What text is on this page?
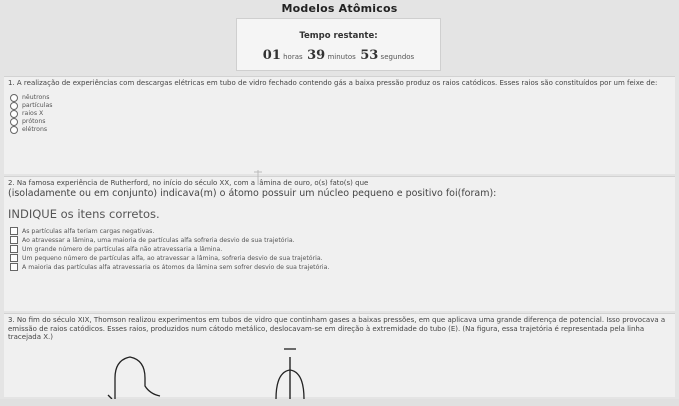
Modelos Atômicos
Tempo restante:
01 horas 39 minutos 53 segundos
1. A realização de experiências com descargas elétricas em tubo de vidro fechado contendo gás a baixa pressão produz os raios catódicos. Esses raios são constituídos por um feixe de:
nêutrons
partículas
raios X
prótons
elétrons
2. Na famosa experiência de Rutherford, no início do século XX, com a lâmina de ouro, o(s) fato(s) que
(isoladamente ou em conjunto) indicava(m) o átomo possuir um núcleo pequeno e positivo foi(foram):
INDIQUE os itens corretos.
As partículas alfa teriam cargas negativas.
Ao atravessar a lâmina, uma maioria de partículas alfa sofreria desvio de sua trajetória.
Um grande número de partículas alfa não atravessaria a lâmina.
Um pequeno número de partículas alfa, ao atravessar a lâmina, sofreria desvio de sua trajetória.
A maioria das partículas alfa atravessaria os átomos da lâmina sem sofrer desvio de sua trajetória.
3. No fim do século XIX, Thomson realizou experimentos em tubos de vidro que continham gases a baixas pressões, em que aplicava uma grande diferença de potencial. Isso provocava a emissão de raios catódicos. Esses raios, produzidos num cátodo metálico, deslocavam-se em direção à extremidade do tubo (E). (Na figura, essa trajetória é representada pela linha tracejada X.)
